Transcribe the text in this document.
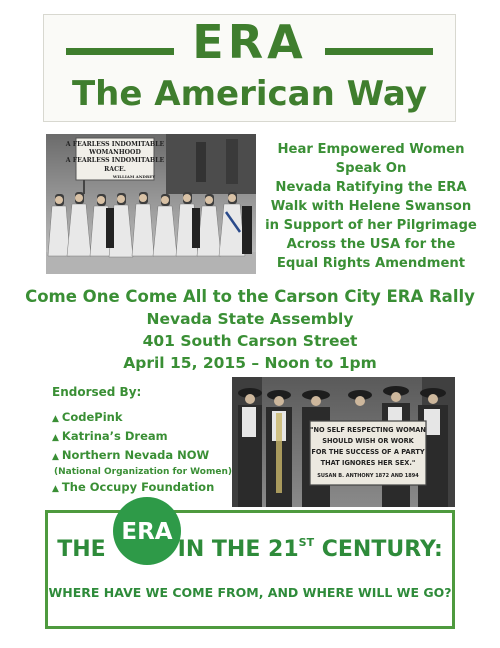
ERA
The American Way
A FEARLESS INDOMITABLE
WOMANHOOD
A FEARLESS INDOMITABLE
RACE.
WILLIAM ANDREY
Hear Empowered Women
Speak On
Nevada Ratifying the ERA
Walk with Helene Swanson
in Support of her Pilgrimage
Across the USA for the
Equal Rights Amendment
Come One Come All to the Carson City ERA Rally
Nevada State Assembly
401 South Carson Street
April 15, 2015 – Noon to 1pm
Endorsed By:
▲ CodePink
▲ Katrina’s Dream
▲ Northern Nevada NOW
(National Organization for Women)
▲ The Occupy Foundation
"NO SELF RESPECTING WOMAN
SHOULD WISH OR WORK
FOR THE SUCCESS OF A PARTY
THAT IGNORES HER SEX."
SUSAN B. ANTHONY 1872 AND 1894
ERA
THE	IN THE 21ST CENTURY:
WHERE HAVE WE COME FROM, AND WHERE WILL WE GO?
